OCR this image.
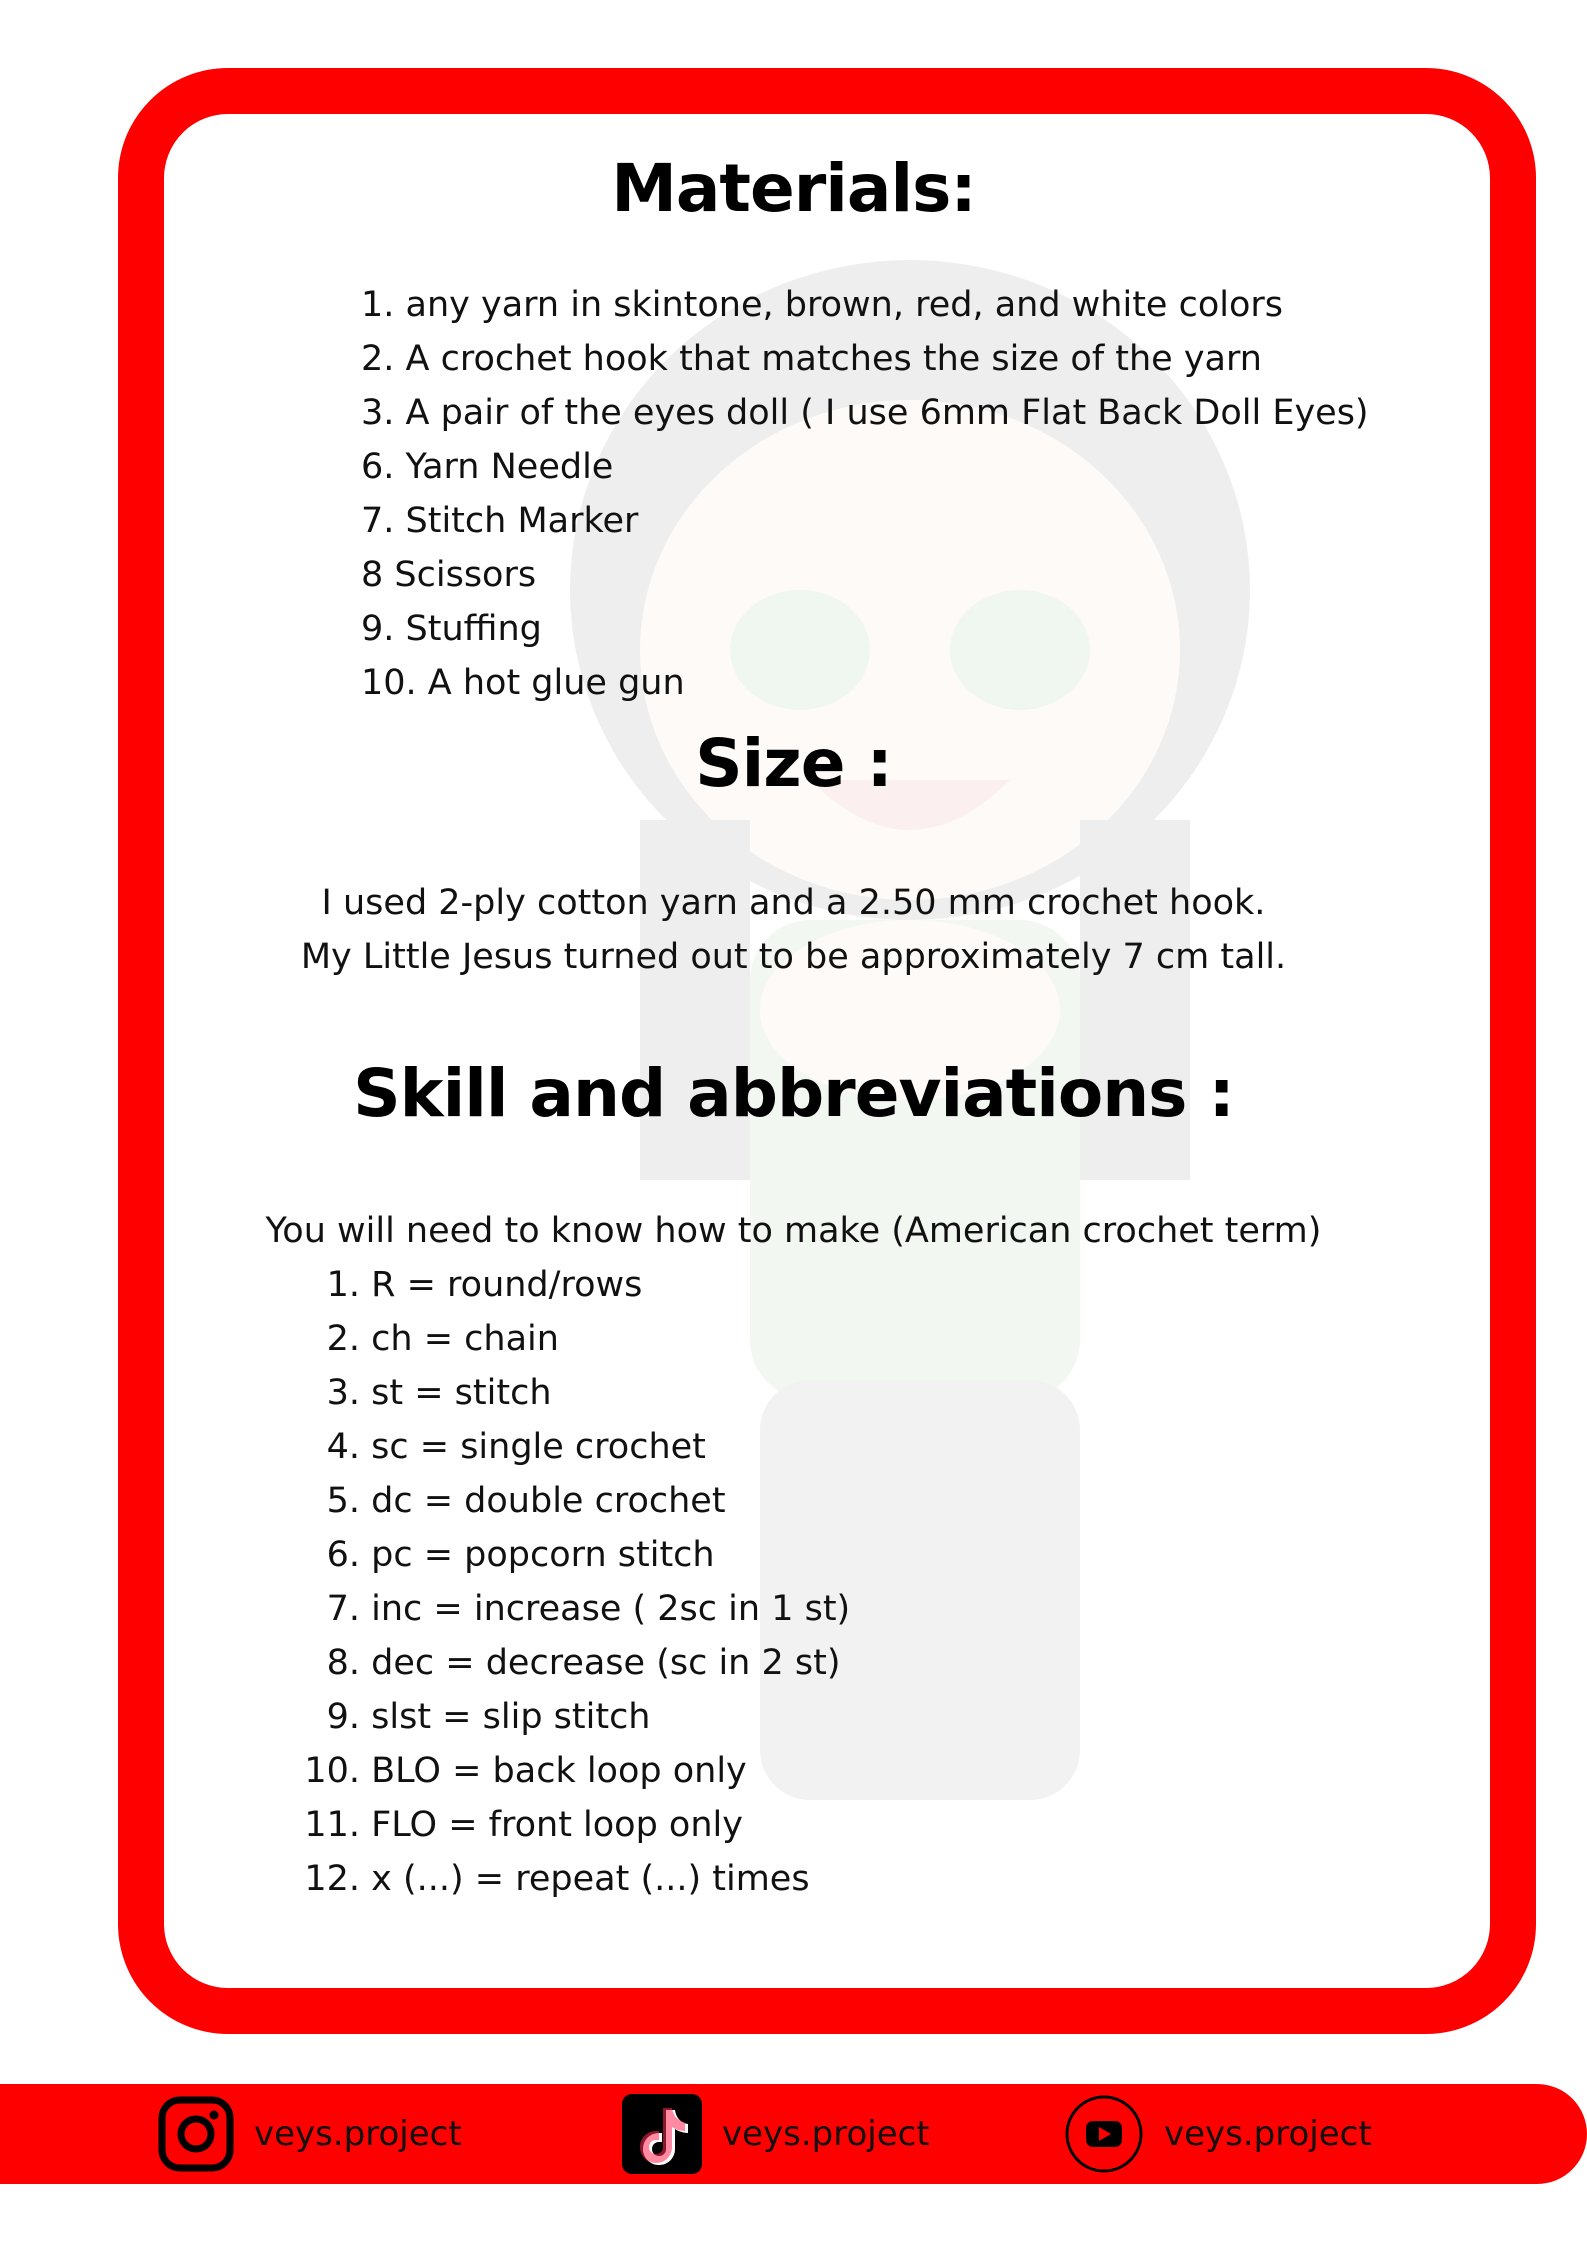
Materials:

1. any yarn in skintone, brown, red, and white colors

2. A crochet hook that matches the size of the yarn

3. A pair of the eyes doll ( I use 6mm Flat Back Doll Eyes)

6. Yarn Needle

7. Stitch Marker

8 Scissors

9. Stuffing

10. A hot glue gun

Size :

I used 2-ply cotton yarn and a 2.50 mm crochet hook.

My Little Jesus turned out to be approximately 7 cm tall.

Skill and abbreviations :

You will need to know how to make (American crochet term)

1. R = round/rows

2. ch = chain

3. st = stitch

4. sc = single crochet

5. dc = double crochet

6. pc = popcorn stitch

7. inc = increase ( 2sc in 1 st)

8. dec = decrease (sc in 2 st)

9. slst = slip stitch

10. BLO = back loop only

11. FLO = front loop only

12. x (...) = repeat (...) times

veys.project	veys.project	veys.project
